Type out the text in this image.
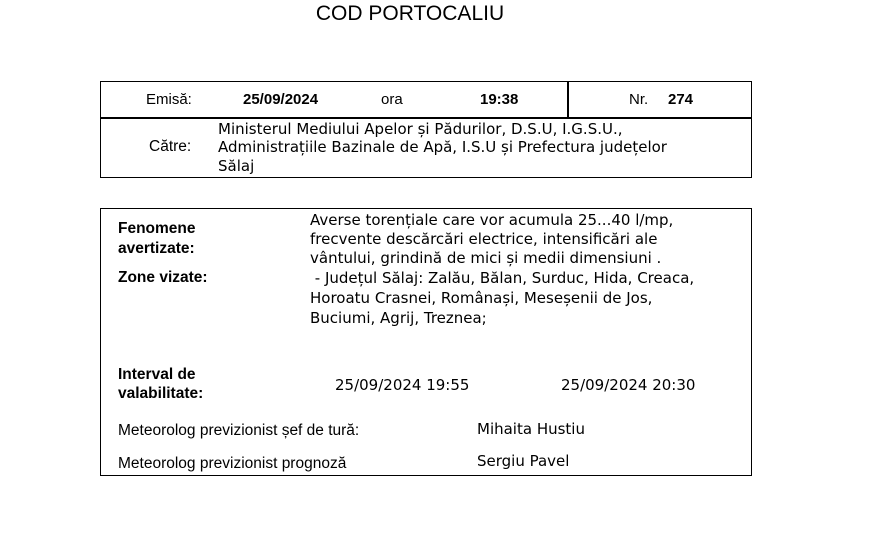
COD PORTOCALIU
Emisă:	25/09/2024	ora	19:38	Nr. 274
Către:
Ministerul Mediului Apelor și Pădurilor, D.S.U, I.G.S.U.,
Administrațiile Bazinale de Apă, I.S.U și Prefectura județelor
Sălaj
Fenomene
avertizate:
Averse torențiale care vor acumula 25...40 l/mp,
frecvente descărcări electrice, intensificări ale
vântului, grindină de mici și medii dimensiuni .
Zone vizate:	- Județul Sălaj: Zalău, Bălan, Surduc, Hida, Creaca,
Horoatu Crasnei, Românași, Meseșenii de Jos,
Buciumi, Agrij, Treznea;
Interval de
valabilitate:	25/09/2024 19:55	25/09/2024 20:30
Meteorolog previzionist șef de tură:	Mihaita Hustiu
Meteorolog previzionist prognoză	Sergiu Pavel
